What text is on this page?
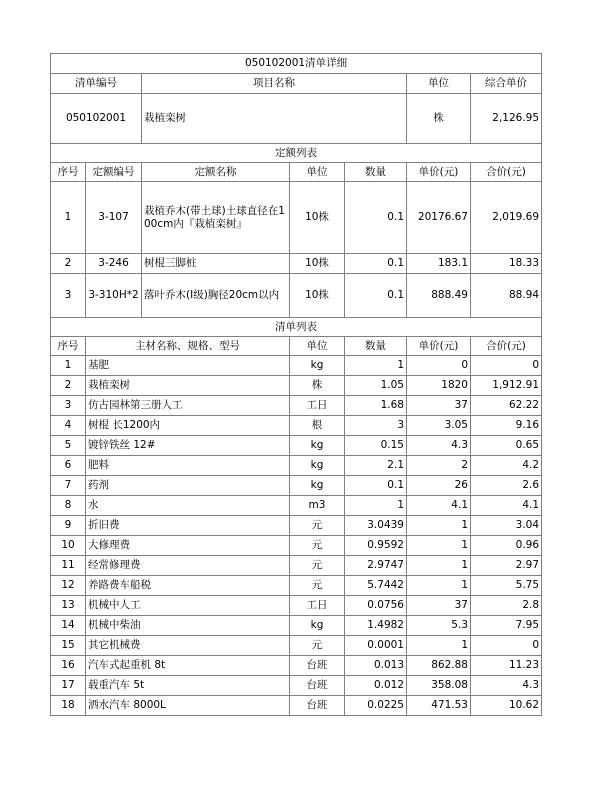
050102001清单详细						
清单编号		项目名称			单位	综合单价
050102001		栽植栾树			株	2,126.95
定额列表						
序号	定额编号	定额名称	单位	数量	单价(元)	合价(元)
1	3-107	栽植乔木(带土球)土球直径在100cm内『栽植栾树』	10株	0.1	20176.67	2,019.69
2	3-246	树棍三脚桩	10株	0.1	183.1	18.33
3	3-310H*2	落叶乔木(I级)胸径20cm以内	10株	0.1	888.49	88.94
清单列表						
序号	主材名称、规格、型号		单位	数量	单价(元)	合价(元)
1	基肥		kg	1	0	0
2	栽植栾树		株	1.05	1820	1,912.91
3	仿古园林第三册人工		工日	1.68	37	62.22
4	树棍 长1200内		根	3	3.05	9.16
5	镀锌铁丝 12#		kg	0.15	4.3	0.65
6	肥料		kg	2.1	2	4.2
7	药剂		kg	0.1	26	2.6
8	水		m3	1	4.1	4.1
9	折旧费		元	3.0439	1	3.04
10	大修理费		元	0.9592	1	0.96
11	经常修理费		元	2.9747	1	2.97
12	养路费车船税		元	5.7442	1	5.75
13	机械中人工		工日	0.0756	37	2.8
14	机械中柴油		kg	1.4982	5.3	7.95
15	其它机械费		元	0.0001	1	0
16	汽车式起重机 8t		台班	0.013	862.88	11.23
17	载重汽车 5t		台班	0.012	358.08	4.3
18	洒水汽车 8000L		台班	0.0225	471.53	10.62
